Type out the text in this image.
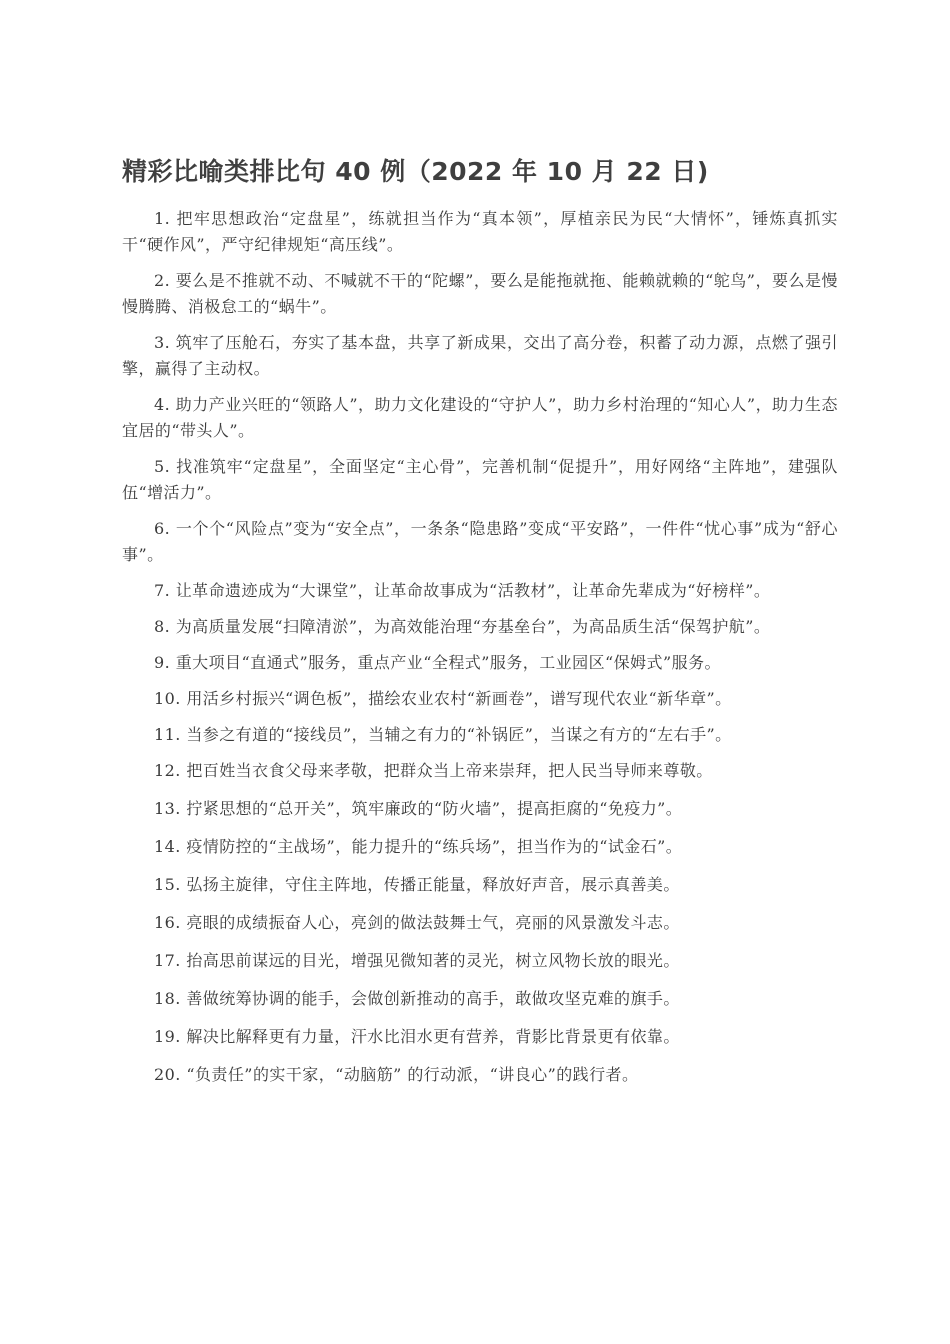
精彩比喻类排比句 40 例（2022 年 10 月 22 日)

1. 把牢思想政治“定盘星”，练就担当作为“真本领”，厚植亲民为民“大情怀”，锤炼真抓实干“硬作风”，严守纪律规矩“高压线”。

2. 要么是不推就不动、不喊就不干的“陀螺”，要么是能拖就拖、能赖就赖的“鸵鸟”，要么是慢慢腾腾、消极怠工的“蜗牛”。

3. 筑牢了压舱石，夯实了基本盘，共享了新成果，交出了高分卷，积蓄了动力源，点燃了强引擎，赢得了主动权。

4. 助力产业兴旺的“领路人”，助力文化建设的“守护人”，助力乡村治理的“知心人”，助力生态宜居的“带头人”。

5. 找准筑牢“定盘星”，全面坚定“主心骨”，完善机制“促提升”，用好网络“主阵地”，建强队伍“增活力”。

6. 一个个“风险点”变为“安全点”，一条条“隐患路”变成“平安路”，一件件“忧心事”成为“舒心事”。

7. 让革命遗迹成为“大课堂”，让革命故事成为“活教材”，让革命先辈成为“好榜样”。

8. 为高质量发展“扫障清淤”，为高效能治理“夯基垒台”，为高品质生活“保驾护航”。

9. 重大项目“直通式”服务，重点产业“全程式”服务，工业园区“保姆式”服务。

10. 用活乡村振兴“调色板”，描绘农业农村“新画卷”，谱写现代农业“新华章”。

11. 当参之有道的“接线员”，当辅之有力的“补锅匠”，当谋之有方的“左右手”。

12. 把百姓当衣食父母来孝敬，把群众当上帝来崇拜，把人民当导师来尊敬。

13. 拧紧思想的“总开关”，筑牢廉政的“防火墙”，提高拒腐的“免疫力”。

14. 疫情防控的“主战场”，能力提升的“练兵场”，担当作为的“试金石”。

15. 弘扬主旋律，守住主阵地，传播正能量，释放好声音，展示真善美。

16. 亮眼的成绩振奋人心，亮剑的做法鼓舞士气，亮丽的风景激发斗志。

17. 抬高思前谋远的目光，增强见微知著的灵光，树立风物长放的眼光。

18. 善做统筹协调的能手，会做创新推动的高手，敢做攻坚克难的旗手。

19. 解决比解释更有力量，汗水比泪水更有营养，背影比背景更有依靠。

20. “负责任”的实干家，“动脑筋” 的行动派，“讲良心”的践行者。
